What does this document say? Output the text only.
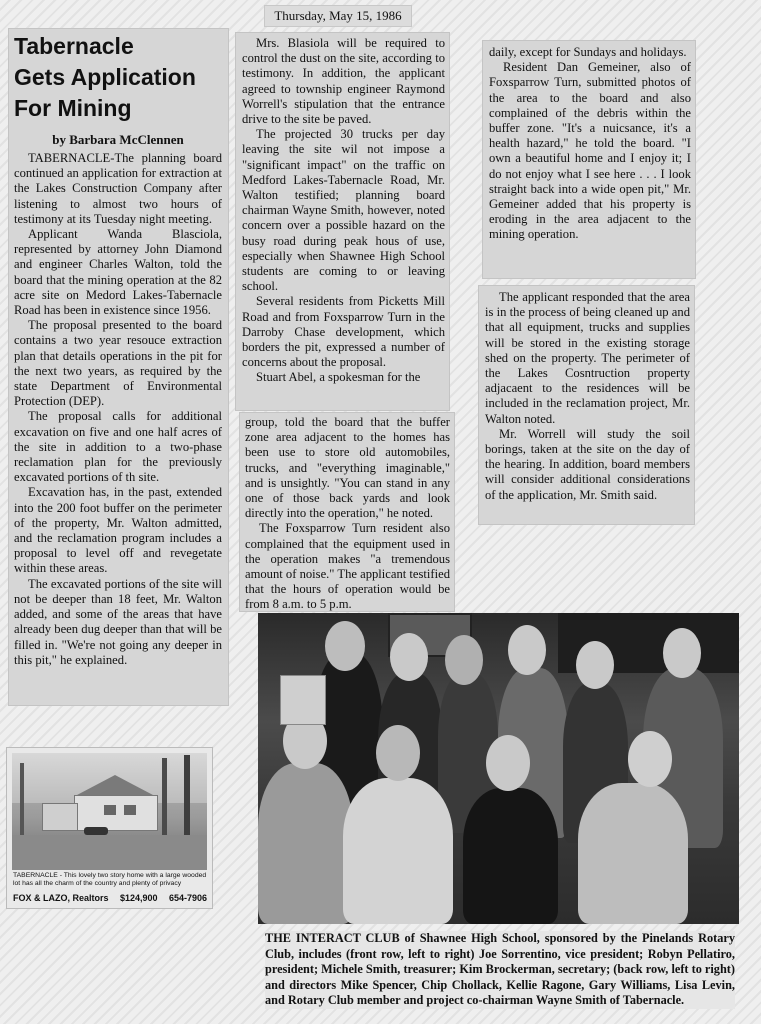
Thursday, May 15, 1986
Tabernacle
Gets Application
For Mining
by Barbara McClennen

TABERNACLE-The planning board continued an application for extraction at the Lakes Construction Company after listening to almost two hours of testimony at its Tuesday night meeting.

Applicant Wanda Blasciola, represented by attorney John Diamond and engineer Charles Walton, told the board that the mining operation at the 82 acre site on Medord Lakes-Tabernacle Road has been in existence since 1956.

The proposal presented to the board contains a two year resouce extraction plan that details operations in the pit for the next two years, as required by the state Department of Environmental Protection (DEP).

The proposal calls for additional excavation on five and one half acres of the site in addition to a two-phase reclamation plan for the previously excavated portions of th site.

Excavation has, in the past, extended into the 200 foot buffer on the perimeter of the property, Mr. Walton admitted, and the reclamation program includes a proposal to level off and revegetate within these areas.

The excavated portions of the site will not be deeper than 18 feet, Mr. Walton added, and some of the areas that have already been dug deeper than that will be filled in. "We're not going any deeper in this pit," he explained.

Mrs. Blasiola will be required to control the dust on the site, according to testimony. In addition, the applicant agreed to township engineer Raymond Worrell's stipulation that the entrance drive to the site be paved.

The projected 30 trucks per day leaving the site wil not impose a "significant impact" on the traffic on Medford Lakes-Tabernacle Road, Mr. Walton testified; planning board chairman Wayne Smith, however, noted concern over a possible hazard on the busy road during peak hous of use, especially when Shawnee High School students are coming to or leaving school.

Several residents from Picketts Mill Road and from Foxsparrow Turn in the Darroby Chase development, which borders the pit, expressed a number of concerns about the proposal.

Stuart Abel, a spokesman for the

group, told the board that the buffer zone area adjacent to the homes has been use to store old automobiles, trucks, and "everything imaginable," and is unsightly. "You can stand in any one of those back yards and look directly into the operation," he noted.

The Foxsparrow Turn resident also complained that the equipment used in the operation makes "a tremendous amount of noise." The applicant testified that the hours of operation would be from 8 a.m. to 5 p.m.

daily, except for Sundays and holidays.

Resident Dan Gemeiner, also of Foxsparrow Turn, submitted photos of the area to the board and also complained of the debris within the buffer zone. "It's a nuicsance, it's a health hazard," he told the board. "I own a beautiful home and I enjoy it; I do not enjoy what I see here . . . I look straight back into a wide open pit," Mr. Gemeiner added that his property is eroding in the area adjacent to the mining operation.

The applicant responded that the area is in the process of being cleaned up and that all equipment, trucks and supplies will be stored in the existing storage shed on the property. The perimeter of the Lakes Cosntruction property adjacaent to the residences will be included in the reclamation project, Mr. Walton noted.

Mr. Worrell will study the soil borings, taken at the site on the day of the hearing. In addition, board members will consider additional considerations of the application, Mr. Smith said.

TABERNACLE - This lovely two story home with a large wooded lot has all the charm of the country and plenty of privacy
FOX & LAZO, Realtors $124,900 654-7906
THE INTERACT CLUB of Shawnee High School, sponsored by the Pinelands Rotary Club, includes (front row, left to right) Joe Sorrentino, vice president; Robyn Pellatiro, president; Michele Smith, treasurer; Kim Brockerman, secretary; (back row, left to right) and directors Mike Spencer, Chip Chollack, Kellie Ragone, Gary Williams, Lisa Levin, and Rotary Club member and project co-chairman Wayne Smith of Tabernacle.
